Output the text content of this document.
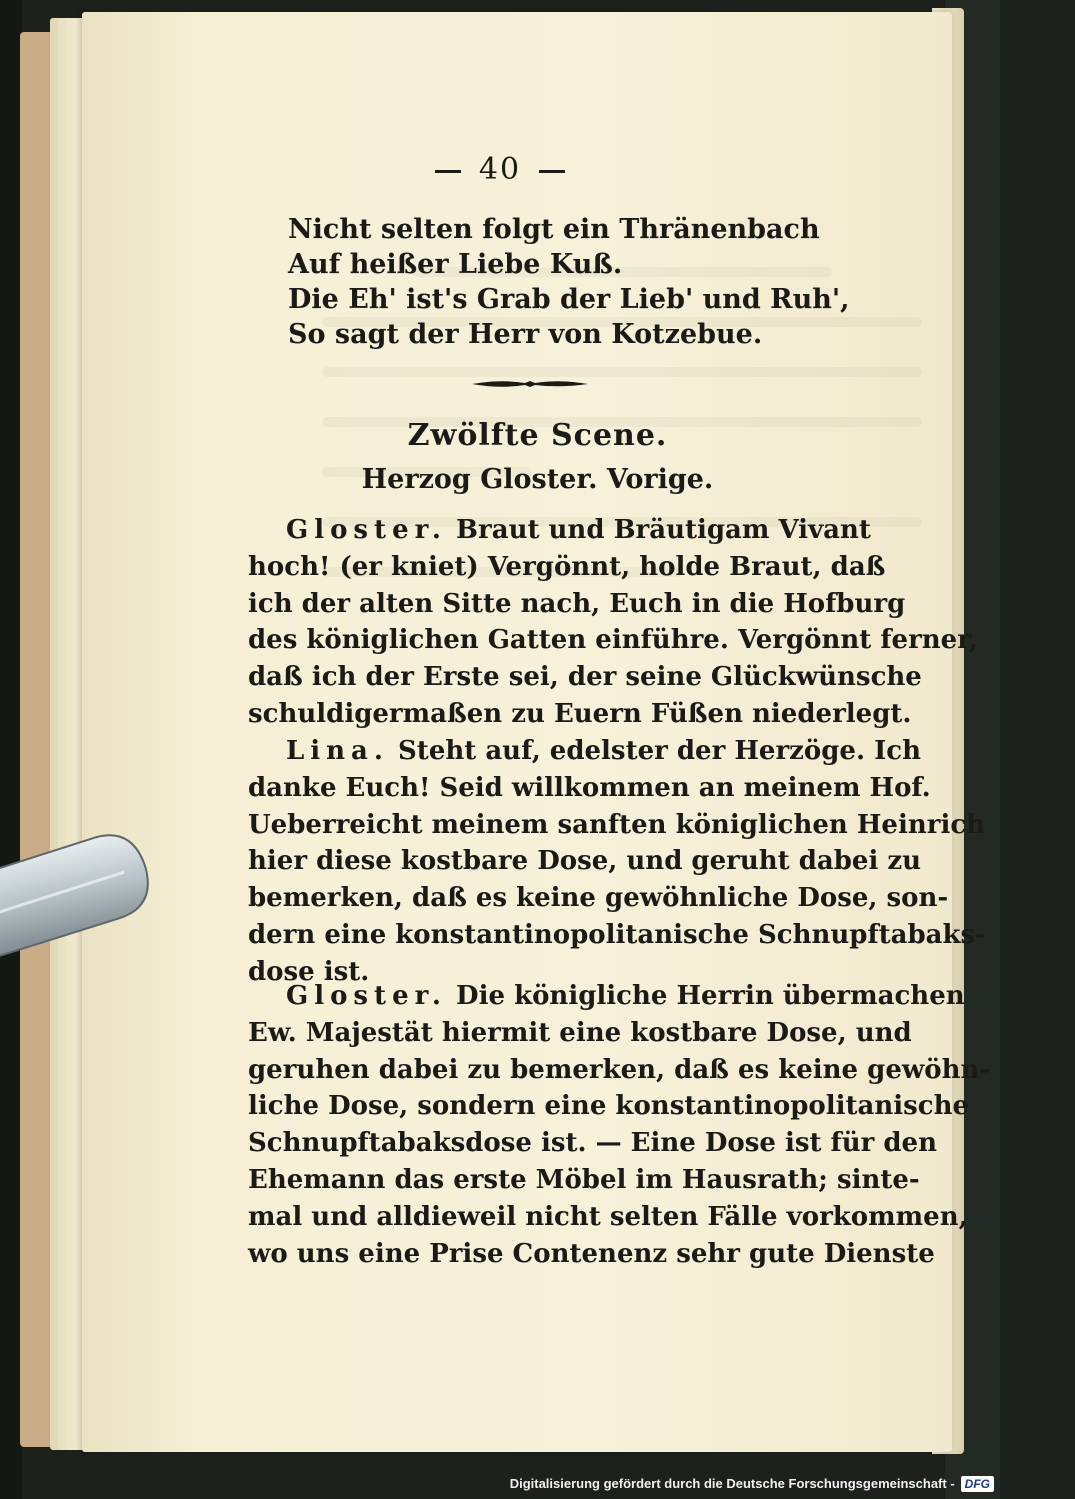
40
Nicht selten folgt ein Thränenbach
Auf heißer Liebe Kuß.
Die Eh' ist's Grab der Lieb' und Ruh',
So sagt der Herr von Kotzebue.
Zwölfte Scene.
Herzog Gloster. Vorige.
Gloster. Braut und Bräutigam Vivant
hoch! (er kniet) Vergönnt, holde Braut, daß
ich der alten Sitte nach, Euch in die Hofburg
des königlichen Gatten einführe. Vergönnt ferner,
daß ich der Erste sei, der seine Glückwünsche
schuldigermaßen zu Euern Füßen niederlegt.
Lina. Steht auf, edelster der Herzöge. Ich
danke Euch! Seid willkommen an meinem Hof.
Ueberreicht meinem sanften königlichen Heinrich
hier diese kostbare Dose, und geruht dabei zu
bemerken, daß es keine gewöhnliche Dose, son-
dern eine konstantinopolitanische Schnupftabaks-
dose ist.
Gloster. Die königliche Herrin übermachen
Ew. Majestät hiermit eine kostbare Dose, und
geruhen dabei zu bemerken, daß es keine gewöhn-
liche Dose, sondern eine konstantinopolitanische
Schnupftabaksdose ist. — Eine Dose ist für den
Ehemann das erste Möbel im Hausrath; sinte-
mal und alldieweil nicht selten Fälle vorkommen,
wo uns eine Prise Contenenz sehr gute Dienste
Digitalisierung gefördert durch die Deutsche Forschungsgemeinschaft - DFG
